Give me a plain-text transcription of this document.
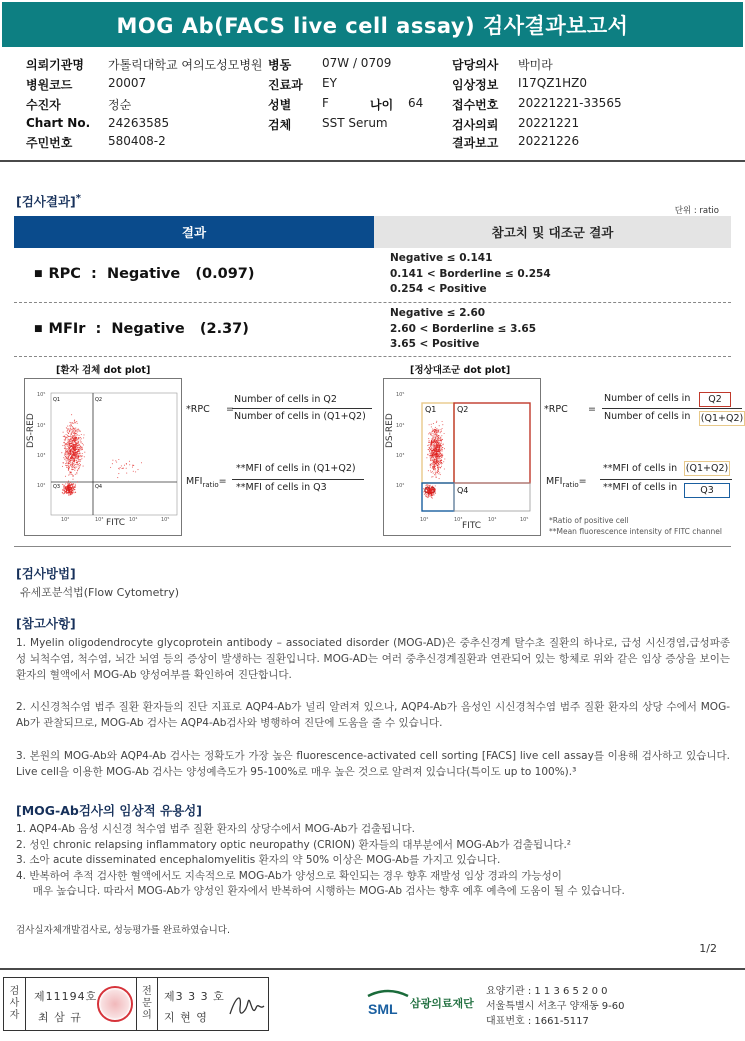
MOG Ab(FACS live cell assay) 검사결과보고서
의뢰기관명 가톨릭대학교 여의도성모병원
병원코드	20007
수진자	정순
Chart No. 24263585
주민번호	580408-2
병동	07W / 0709
진료과 EY
성별	F	나이 64
검체	SST Serum
담당의사 박미라
임상정보 I17QZ1HZ0
접수번호 20221221-33565
검사의뢰 20221221
결과보고 20221226
[검사결과]*
단위 : ratio
결과	참고치 및 대조군 결과
■ RPC  :  Negative   (0.097)
Negative ≤ 0.141
0.141 < Borderline ≤ 0.254
0.254 < Positive
■ MFIr  :  Negative   (2.37)
Negative ≤ 2.60
2.60 < Borderline ≤ 3.65
3.65 < Positive
[환자 검체 dot plot]
10⁵
10⁴
10³
10²
10²	10³	10⁴	10⁵
Q1	Q2
Q3	Q4
DS-RED
FITC
*RPC =
Number of cells in Q2
Number of cells in (Q1+Q2)
$MFI_{ratio}=$
**MFI of cells in (Q1+Q2)
**MFI of cells in Q3
[정상대조군 dot plot]
10⁵
10⁴
10³
10²
10²	10³	10⁴	10⁵
Q1	Q2
Q4
DS-RED
FITC
*RPC =
Number of cells in	Q2
Number of cells in (Q1+Q2)
$MFI_{ratio}=$
**MFI of cells in (Q1+Q2)
**MFI of cells in	Q3
*Ratio of positive cell
**Mean fluorescence intensity of FITC channel
[검사방법]
유세포분석법(Flow Cytometry)
[참고사항]
1. Myelin oligodendrocyte glycoprotein antibody – associated disorder (MOG-AD)은 중추신경계 탈수초 질환의 하나로, 급성 시신경염,급성파종성 뇌척수염, 척수염, 뇌간 뇌염 등의 증상이 발생하는 질환입니다. MOG-AD는 여러 중추신경계질환과 연관되어 있는 항체로 위와 같은 임상 증상을 보이는 환자의 혈액에서 MOG-Ab 양성여부를 확인하여 진단합니다.
2. 시신경척수염 범주 질환 환자들의 진단 지표로 AQP4-Ab가 널리 알려져 있으나, AQP4-Ab가 음성인 시신경척수염 범주 질환 환자의 상당 수에서 MOG-Ab가 관찰되므로, MOG-Ab 검사는 AQP4-Ab검사와 병행하여 진단에 도움을 줄 수 있습니다.
3. 본원의 MOG-Ab와 AQP4-Ab 검사는 정확도가 가장 높은 fluorescence-activated cell sorting [FACS] live cell assay를 이용해 검사하고 있습니다. Live cell을 이용한 MOG-Ab 검사는 양성예측도가 95-100%로 매우 높은 것으로 알려져 있습니다(특이도 up to 100%).³
[MOG-Ab검사의 임상적 유용성]
1. AQP4-Ab 음성 시신경 척수염 범주 질환 환자의 상당수에서 MOG-Ab가 검출됩니다.
2. 성인 chronic relapsing inflammatory optic neuropathy (CRION) 환자들의 대부분에서 MOG-Ab가 검출됩니다.²
3. 소아 acute disseminated encephalomyelitis 환자의 약 50% 이상은 MOG-Ab를 가지고 있습니다.
4. 반복하여 추적 검사한 혈액에서도 지속적으로 MOG-Ab가 양성으로 확인되는 경우 향후 재발성 임상 경과의 가능성이
매우 높습니다. 따라서 MOG-Ab가 양성인 환자에서 반복하여 시행하는 MOG-Ab 검사는 향후 예후 예측에 도움이 될 수 있습니다.
검사실자체개발검사로, 성능평가를 완료하였습니다.
1/2
검
사
자
제11194호
최 삼 규
전
문
의
제3 3 3 호
지 현 영
SML 삼광의료재단
요양기관 : 1 1 3 6 5 2 0 0
서울특별시 서초구 양재동 9-60
대표번호 : 1661-5117
